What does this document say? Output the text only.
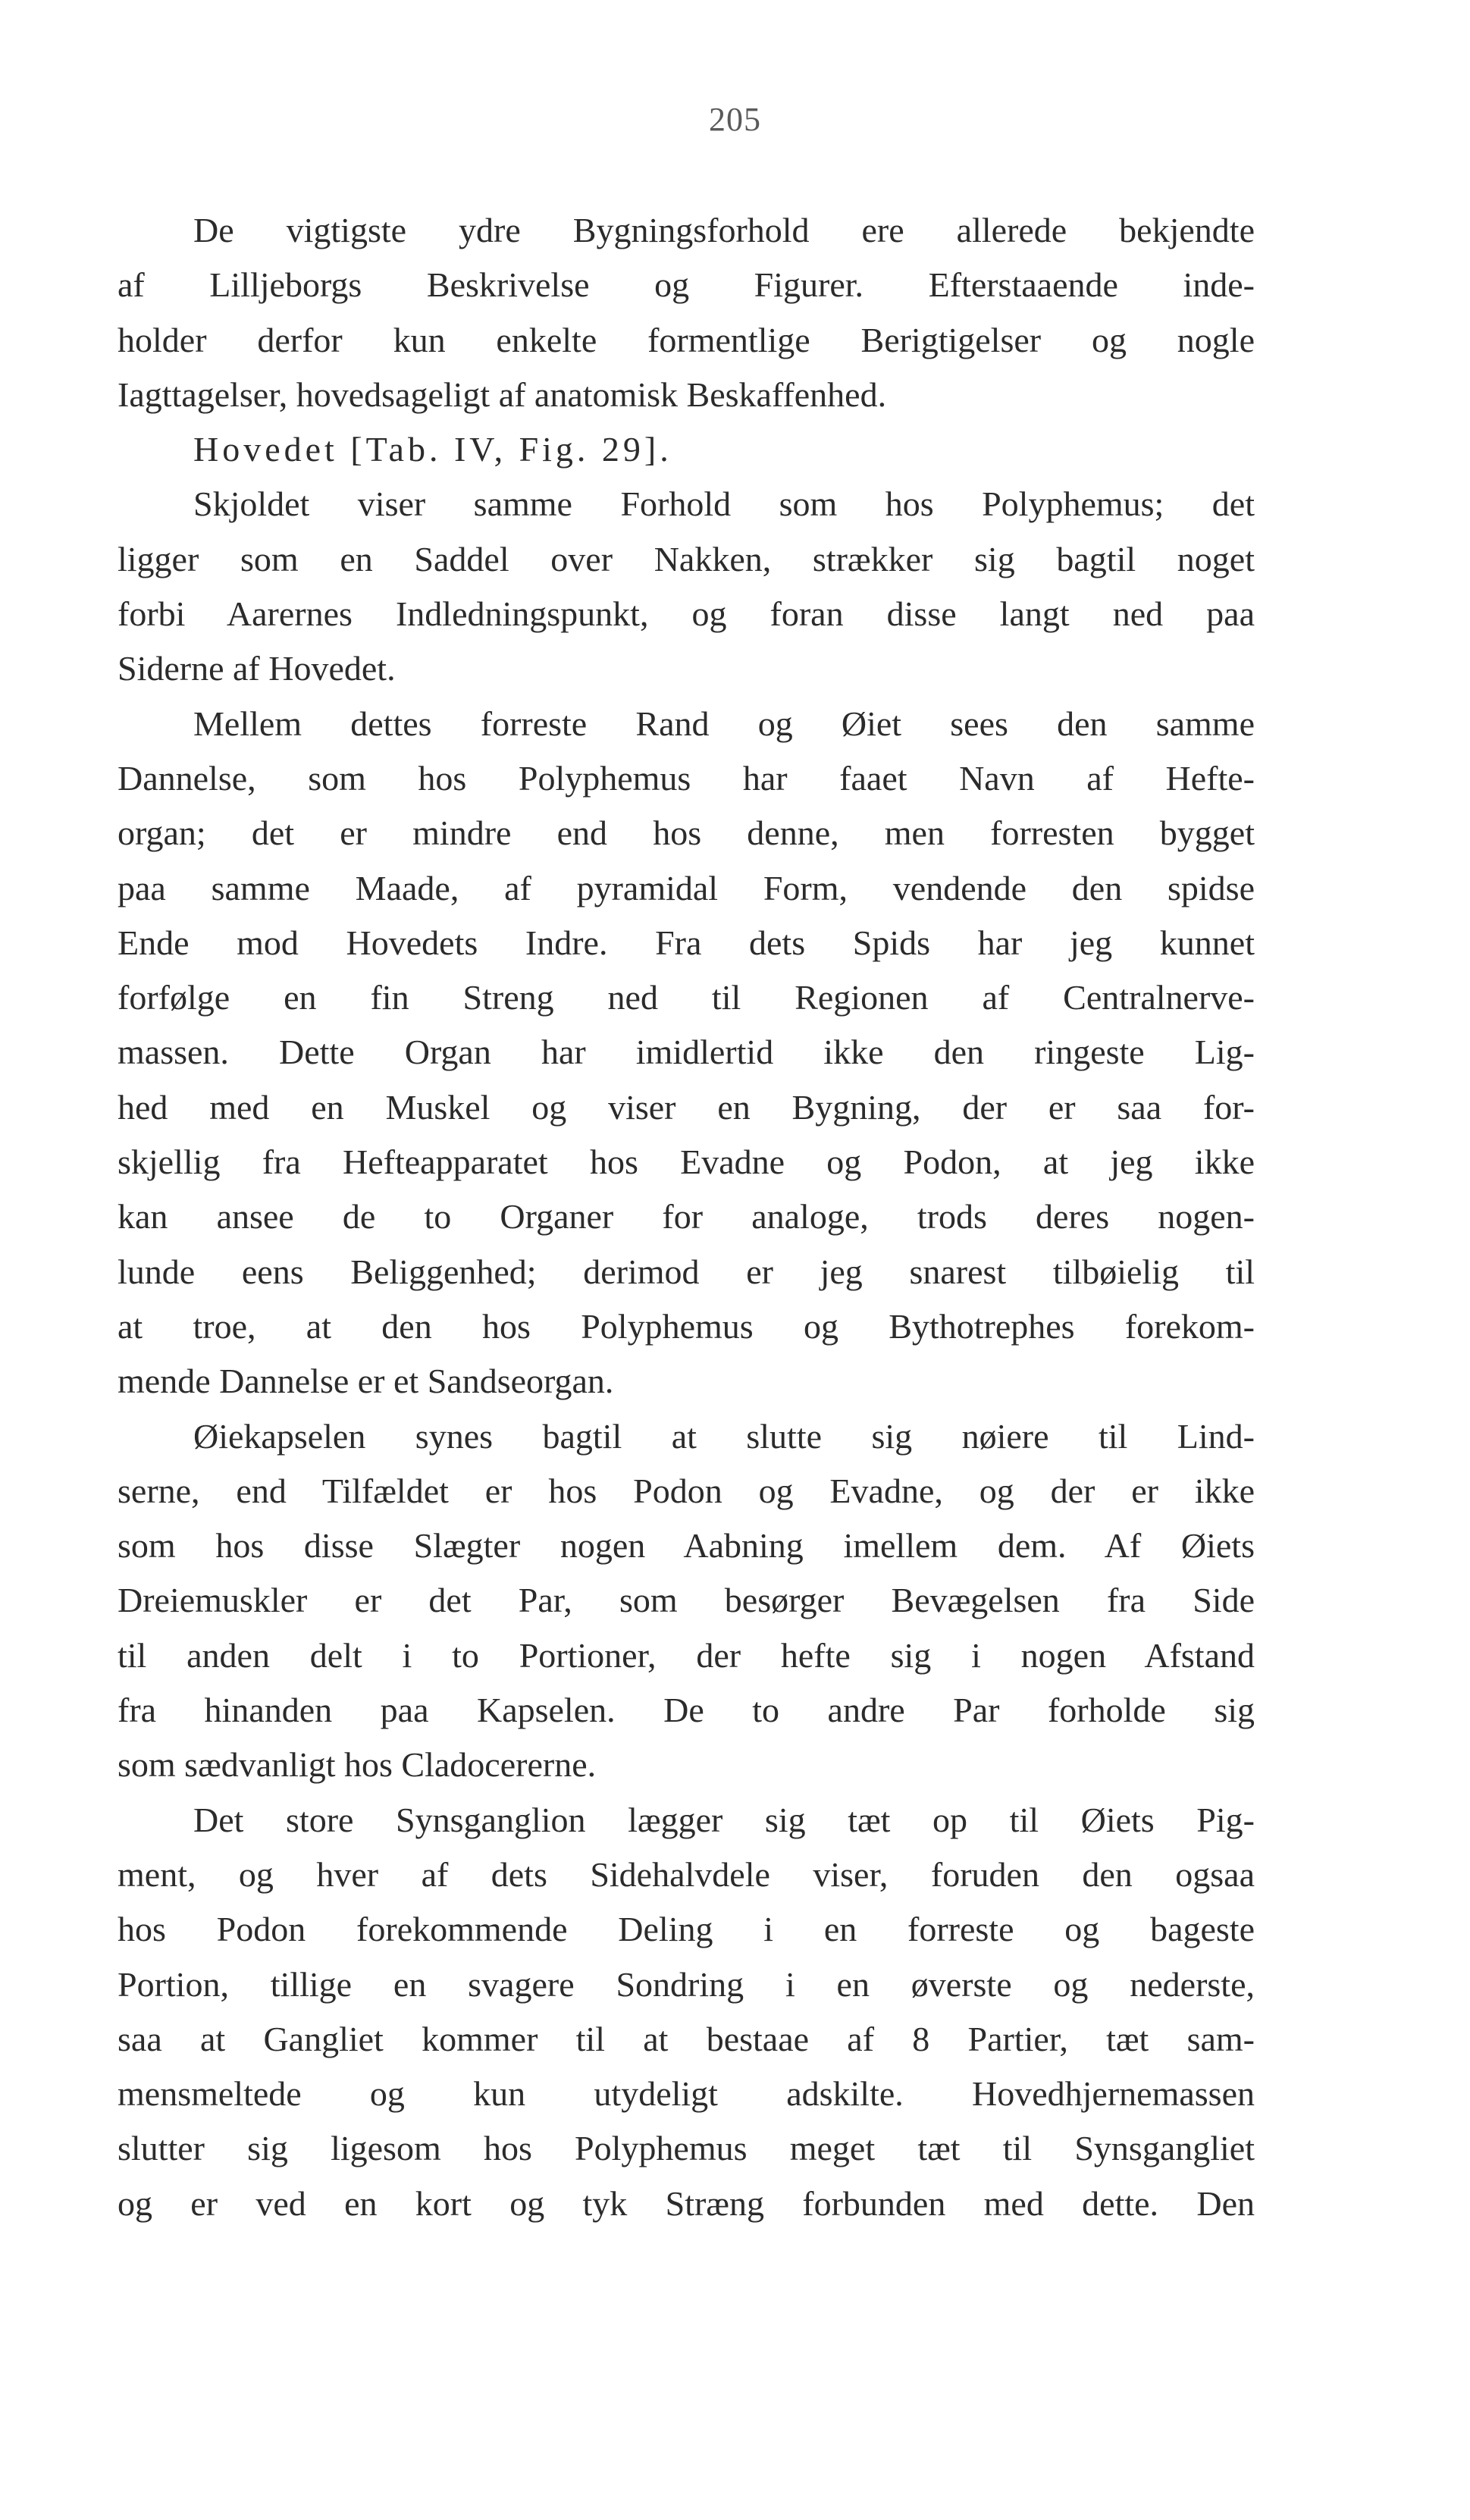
205
De vigtigste ydre Bygningsforhold ere allerede bekjendte
af Lilljeborgs Beskrivelse og Figurer. Efterstaaende inde-
holder derfor kun enkelte formentlige Berigtigelser og nogle
Iagttagelser, hovedsageligt af anatomisk Beskaffenhed.
Hovedet [Tab. IV, Fig. 29].
Skjoldet viser samme Forhold som hos Polyphemus; det
ligger som en Saddel over Nakken, strækker sig bagtil noget
forbi Aarernes Indledningspunkt, og foran disse langt ned paa
Siderne af Hovedet.
Mellem dettes forreste Rand og Øiet sees den samme
Dannelse, som hos Polyphemus har faaet Navn af Hefte-
organ; det er mindre end hos denne, men forresten bygget
paa samme Maade, af pyramidal Form, vendende den spidse
Ende mod Hovedets Indre. Fra dets Spids har jeg kunnet
forfølge en fin Streng ned til Regionen af Centralnerve-
massen. Dette Organ har imidlertid ikke den ringeste Lig-
hed med en Muskel og viser en Bygning, der er saa for-
skjellig fra Hefteapparatet hos Evadne og Podon, at jeg ikke
kan ansee de to Organer for analoge, trods deres nogen-
lunde eens Beliggenhed; derimod er jeg snarest tilbøielig til
at troe, at den hos Polyphemus og Bythotrephes forekom-
mende Dannelse er et Sandseorgan.
Øiekapselen synes bagtil at slutte sig nøiere til Lind-
serne, end Tilfældet er hos Podon og Evadne, og der er ikke
som hos disse Slægter nogen Aabning imellem dem. Af Øiets
Dreiemuskler er det Par, som besørger Bevægelsen fra Side
til anden delt i to Portioner, der hefte sig i nogen Afstand
fra hinanden paa Kapselen. De to andre Par forholde sig
som sædvanligt hos Cladocererne.
Det store Synsganglion lægger sig tæt op til Øiets Pig-
ment, og hver af dets Sidehalvdele viser, foruden den ogsaa
hos Podon forekommende Deling i en forreste og bageste
Portion, tillige en svagere Sondring i en øverste og nederste,
saa at Gangliet kommer til at bestaae af 8 Partier, tæt sam-
mensmeltede og kun utydeligt adskilte. Hovedhjernemassen
slutter sig ligesom hos Polyphemus meget tæt til Synsgangliet
og er ved en kort og tyk Stræng forbunden med dette. Den
